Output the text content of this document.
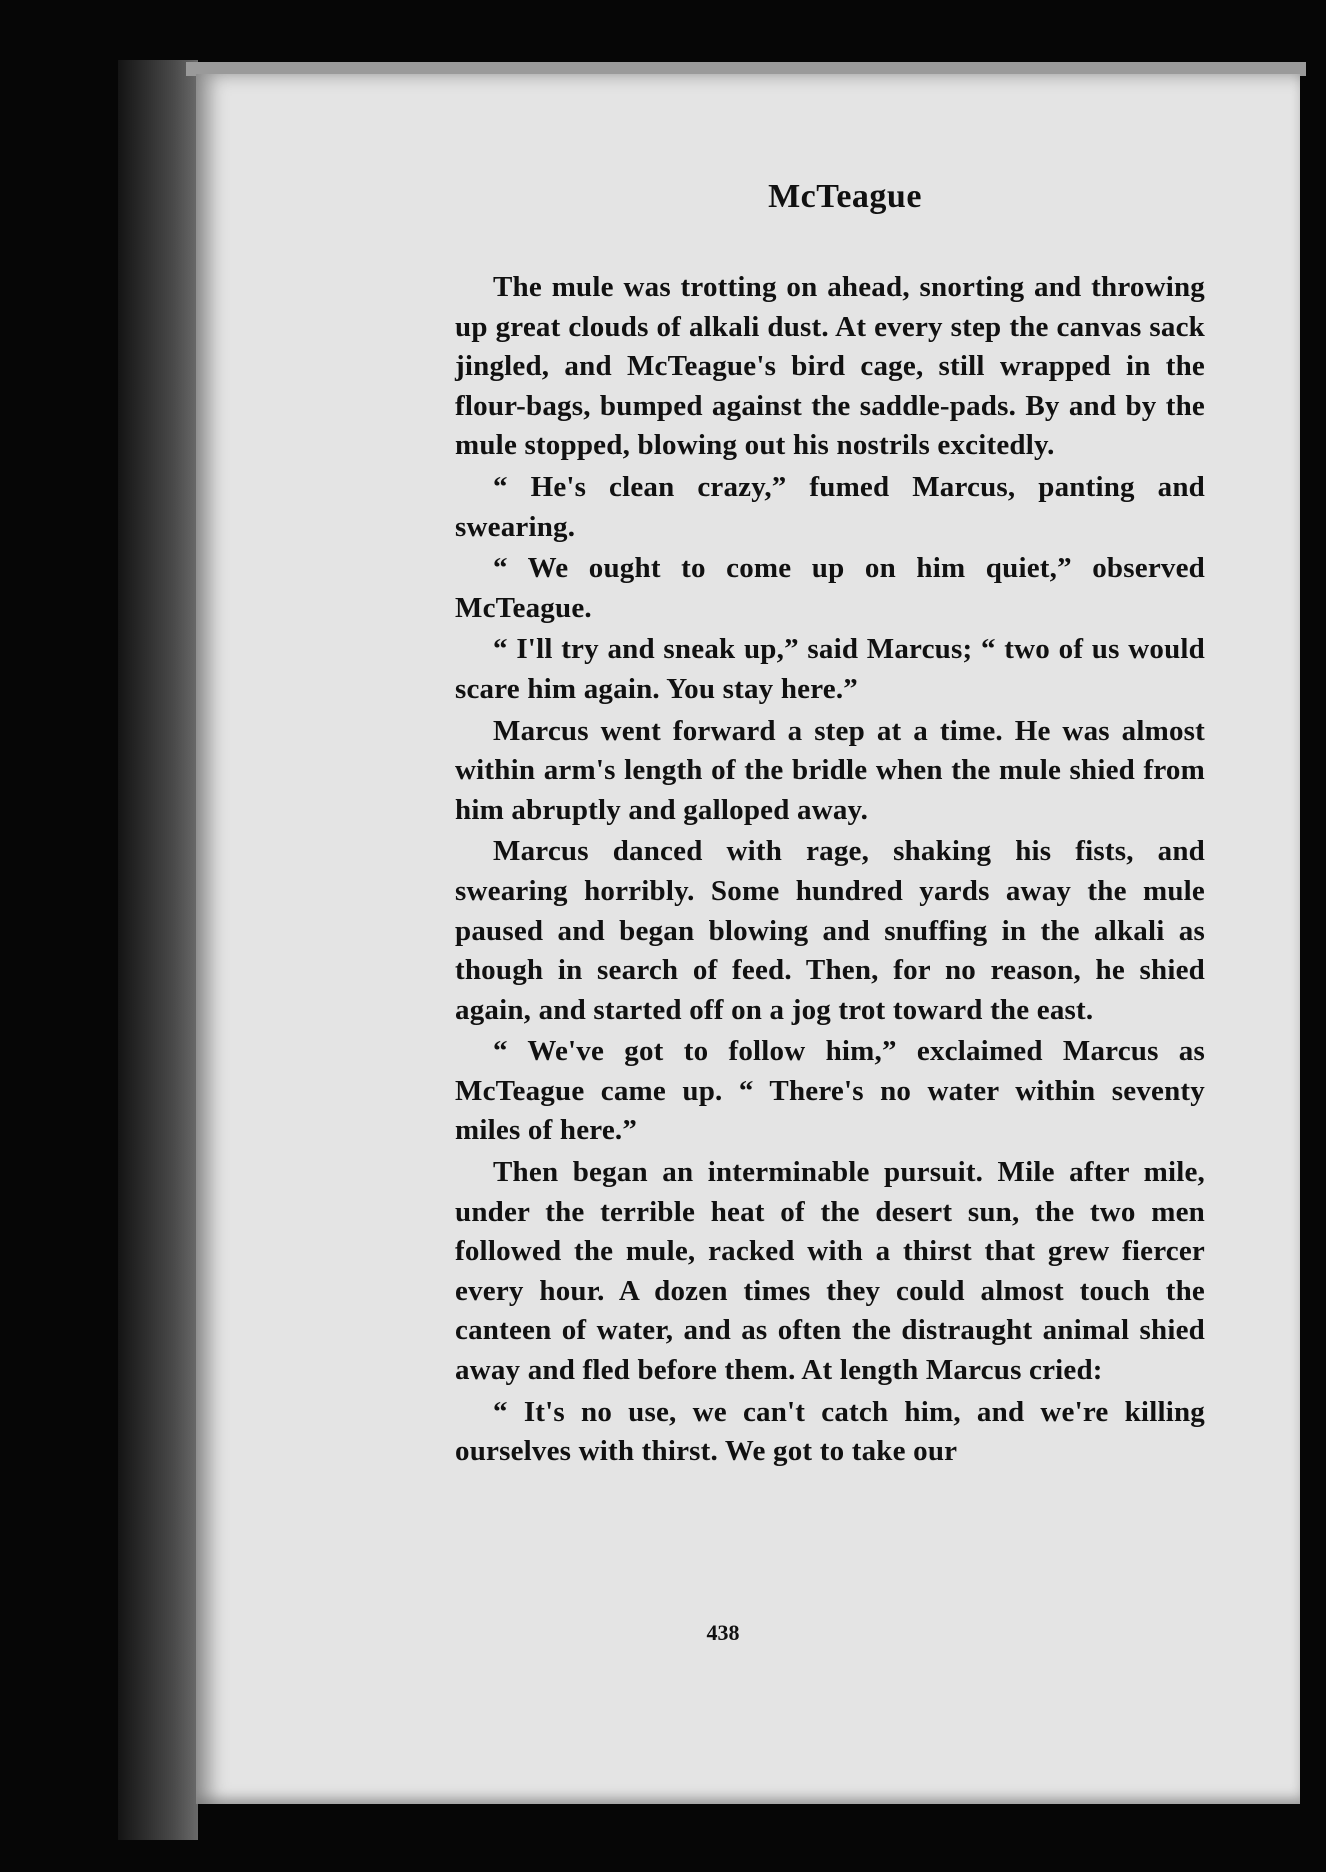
McTeague

The mule was trotting on ahead, snorting and throwing up great clouds of alkali dust. At every step the canvas sack jingled, and McTeague's bird cage, still wrapped in the flour-bags, bumped against the saddle-pads. By and by the mule stopped, blowing out his nostrils excitedly.

“ He's clean crazy,” fumed Marcus, panting and swearing.

“ We ought to come up on him quiet,” observed McTeague.

“ I'll try and sneak up,” said Marcus; “ two of us would scare him again. You stay here.”

Marcus went forward a step at a time. He was almost within arm's length of the bridle when the mule shied from him abruptly and galloped away.

Marcus danced with rage, shaking his fists, and swearing horribly. Some hundred yards away the mule paused and began blowing and snuffing in the alkali as though in search of feed. Then, for no reason, he shied again, and started off on a jog trot toward the east.

“ We've got to follow him,” exclaimed Marcus as McTeague came up. “ There's no water within seventy miles of here.”

Then began an interminable pursuit. Mile after mile, under the terrible heat of the desert sun, the two men followed the mule, racked with a thirst that grew fiercer every hour. A dozen times they could almost touch the canteen of water, and as often the distraught animal shied away and fled before them. At length Marcus cried:

“ It's no use, we can't catch him, and we're killing ourselves with thirst. We got to take our

438
